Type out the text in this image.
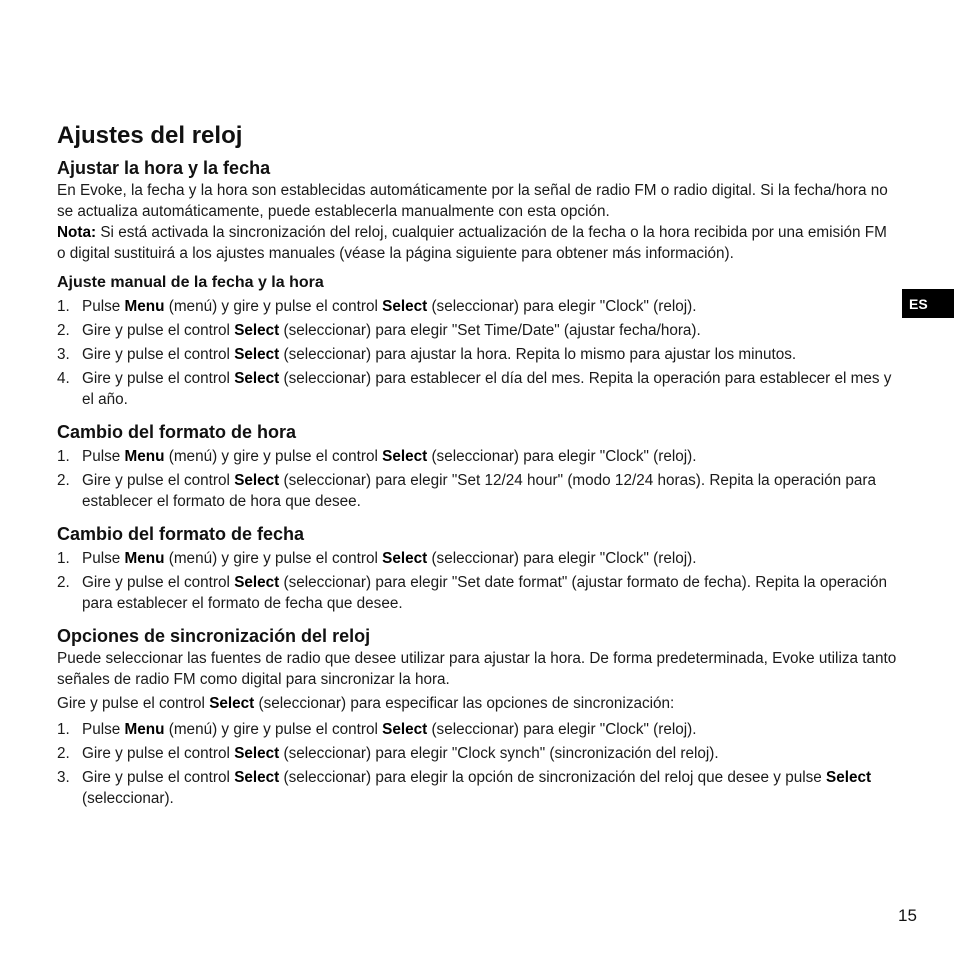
Ajustes del reloj
Ajustar la hora y la fecha

En Evoke, la fecha y la hora son establecidas automáticamente por la señal de radio FM o radio digital. Si la fecha/hora no se actualiza automáticamente, puede establecerla manualmente con esta opción.

Nota: Si está activada la sincronización del reloj, cualquier actualización de la fecha o la hora recibida por una emisión FM o digital sustituirá a los ajustes manuales (véase la página siguiente para obtener más información).

Ajuste manual de la fecha y la hora
1. Pulse Menu (menú) y gire y pulse el control Select (seleccionar) para elegir "Clock" (reloj).
2. Gire y pulse el control Select (seleccionar) para elegir "Set Time/Date" (ajustar fecha/hora).
3. Gire y pulse el control Select (seleccionar) para ajustar la hora. Repita lo mismo para ajustar los minutos.
4. Gire y pulse el control Select (seleccionar) para establecer el día del mes. Repita la operación para establecer el mes y el año.
Cambio del formato de hora
1. Pulse Menu (menú) y gire y pulse el control Select (seleccionar) para elegir "Clock" (reloj).
2. Gire y pulse el control Select (seleccionar) para elegir "Set 12/24 hour" (modo 12/24 horas). Repita la operación para establecer el formato de hora que desee.
Cambio del formato de fecha
1. Pulse Menu (menú) y gire y pulse el control Select (seleccionar) para elegir "Clock" (reloj).
2. Gire y pulse el control Select (seleccionar) para elegir "Set date format" (ajustar formato de fecha). Repita la operación para establecer el formato de fecha que desee.
Opciones de sincronización del reloj

Puede seleccionar las fuentes de radio que desee utilizar para ajustar la hora. De forma predeterminada, Evoke utiliza tanto señales de radio FM como digital para sincronizar la hora.

Gire y pulse el control Select (seleccionar) para especificar las opciones de sincronización:

1. Pulse Menu (menú) y gire y pulse el control Select (seleccionar) para elegir "Clock" (reloj).
2. Gire y pulse el control Select (seleccionar) para elegir "Clock synch" (sincronización del reloj).
3. Gire y pulse el control Select (seleccionar) para elegir la opción de sincronización del reloj que desee y pulse Select (seleccionar).
ES
15
